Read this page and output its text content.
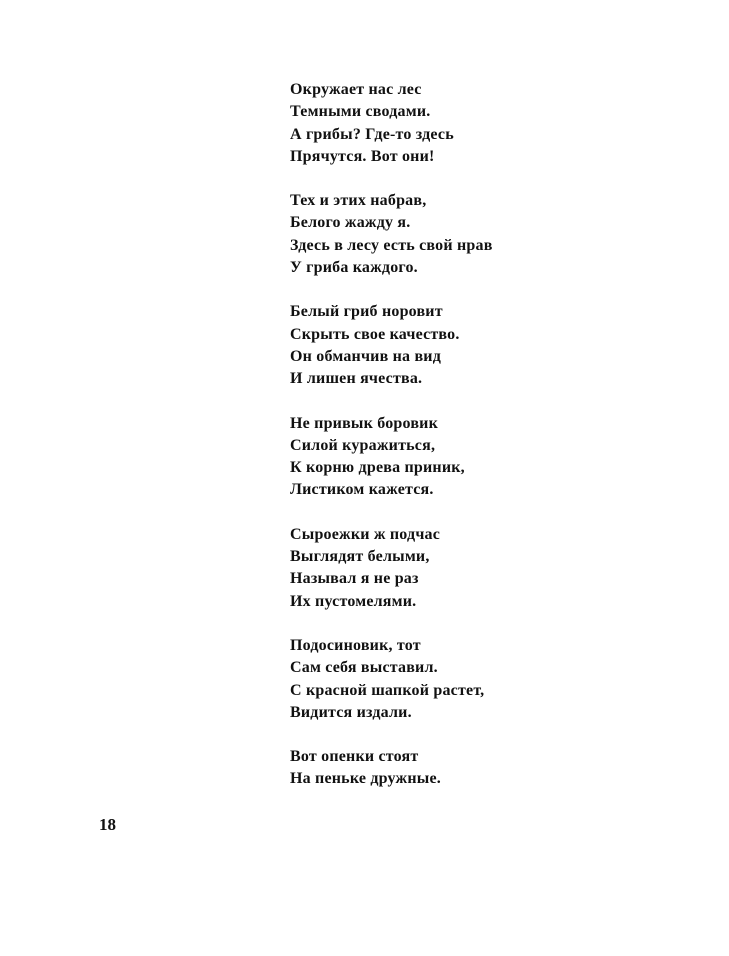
Окружает нас лес
Темными сводами.
А грибы? Где-то здесь
Прячутся. Вот они!
Тех и этих набрав,
Белого жажду я.
Здесь в лесу есть свой нрав
У гриба каждого.
Белый гриб норовит
Скрыть свое качество.
Он обманчив на вид
И лишен ячества.
Не привык боровик
Силой куражиться,
К корню древа приник,
Листиком кажется.
Сыроежки ж подчас
Выглядят белыми,
Называл я не раз
Их пустомелями.
Подосиновик, тот
Сам себя выставил.
С красной шапкой растет,
Видится издали.
Вот опенки стоят
На пеньке дружные.
18
